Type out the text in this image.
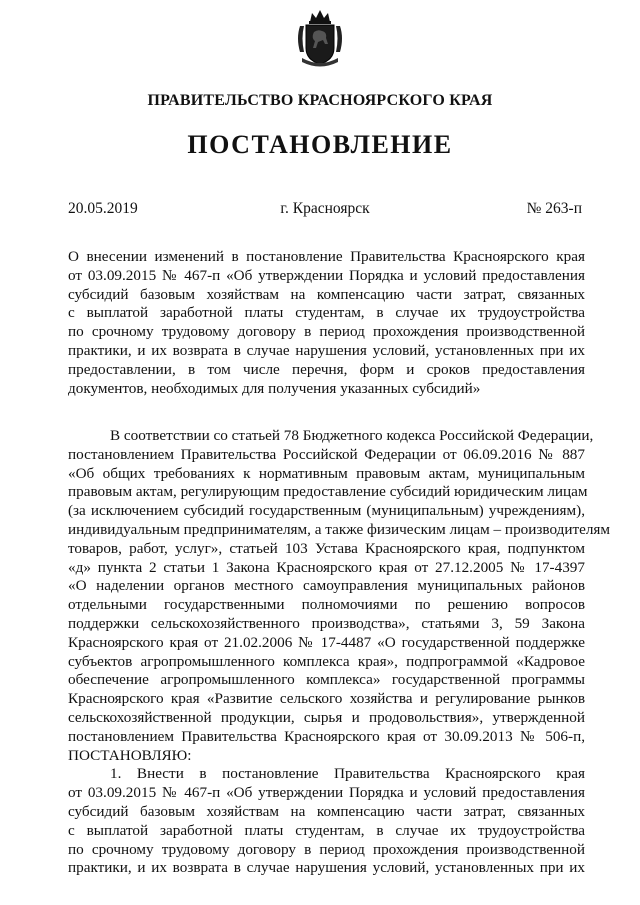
ПРАВИТЕЛЬСТВО КРАСНОЯРСКОГО КРАЯ
ПОСТАНОВЛЕНИЕ
20.05.2019	г. Красноярск	№ 263-п
О внесении изменений в постановление Правительства Красноярского края
от 03.09.2015 № 467-п «Об утверждении Порядка и условий предоставления
субсидий базовым хозяйствам на компенсацию части затрат, связанных
с выплатой заработной платы студентам, в случае их трудоустройства
по срочному трудовому договору в период прохождения производственной
практики, и их возврата в случае нарушения условий, установленных при их
предоставлении, в том числе перечня, форм и сроков предоставления
документов, необходимых для получения указанных субсидий»
В соответствии со статьей 78 Бюджетного кодекса Российской Федерации,
постановлением Правительства Российской Федерации от 06.09.2016 № 887
«Об общих требованиях к нормативным правовым актам, муниципальным
правовым актам, регулирующим предоставление субсидий юридическим лицам
(за исключением субсидий государственным (муниципальным) учреждениям),
индивидуальным предпринимателям, а также физическим лицам – производителям
товаров, работ, услуг», статьей 103 Устава Красноярского края, подпунктом
«д» пункта 2 статьи 1 Закона Красноярского края от 27.12.2005 № 17-4397
«О наделении органов местного самоуправления муниципальных районов
отдельными государственными полномочиями по решению вопросов
поддержки сельскохозяйственного производства», статьями 3, 59 Закона
Красноярского края от 21.02.2006 № 17-4487 «О государственной поддержке
субъектов агропромышленного комплекса края», подпрограммой «Кадровое
обеспечение агропромышленного комплекса» государственной программы
Красноярского края «Развитие сельского хозяйства и регулирование рынков
сельскохозяйственной продукции, сырья и продовольствия», утвержденной
постановлением Правительства Красноярского края от 30.09.2013 № 506-п,
ПОСТАНОВЛЯЮ:
1. Внести в постановление Правительства Красноярского края
от 03.09.2015 № 467-п «Об утверждении Порядка и условий предоставления
субсидий базовым хозяйствам на компенсацию части затрат, связанных
с выплатой заработной платы студентам, в случае их трудоустройства
по срочному трудовому договору в период прохождения производственной
практики, и их возврата в случае нарушения условий, установленных при их
